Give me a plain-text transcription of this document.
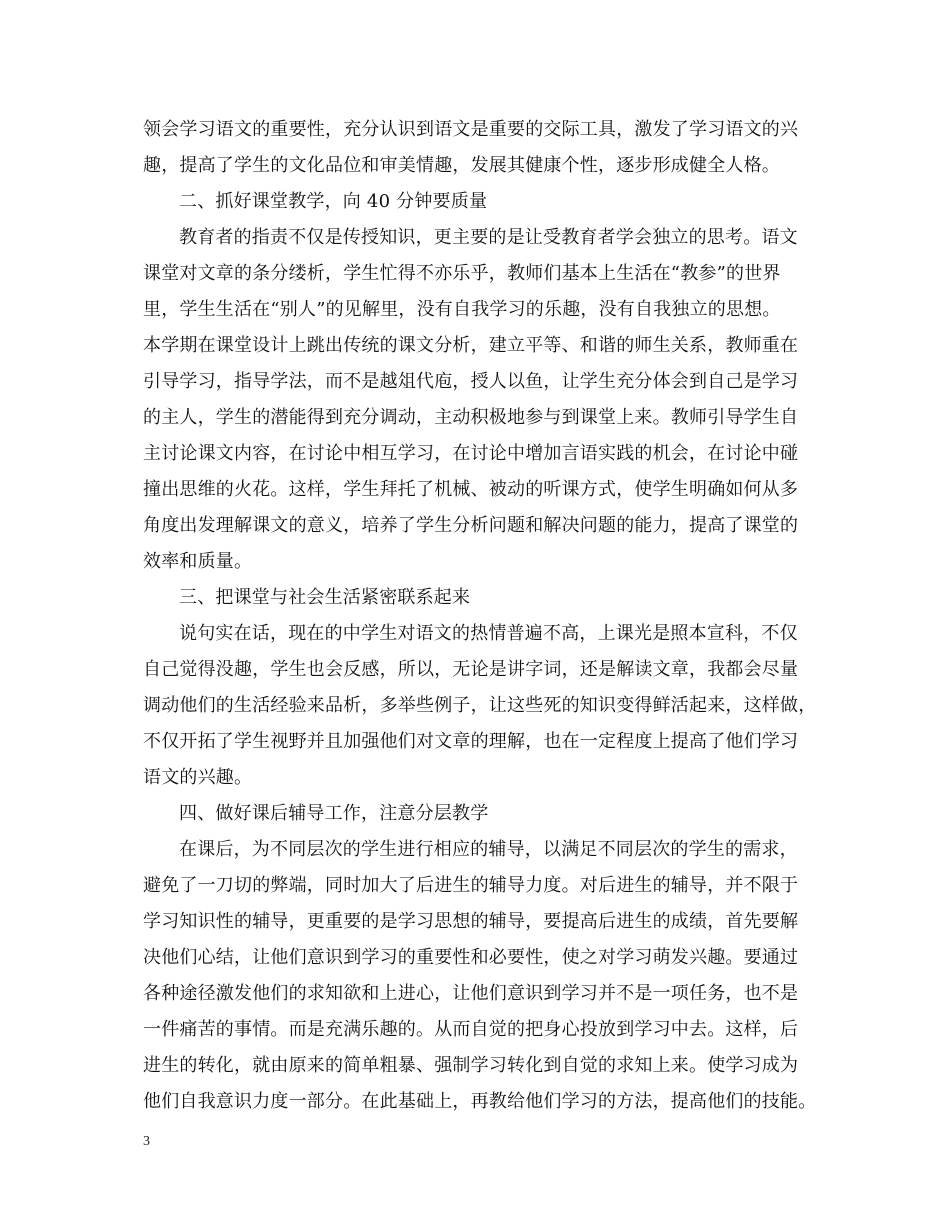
领会学习语文的重要性，充分认识到语文是重要的交际工具，激发了学习语文的兴
趣，提高了学生的文化品位和审美情趣，发展其健康个性，逐步形成健全人格。
二、抓好课堂教学，向 40 分钟要质量
教育者的指责不仅是传授知识，更主要的是让受教育者学会独立的思考。语文
课堂对文章的条分缕析，学生忙得不亦乐乎，教师们基本上生活在“教参”的世界
里，学生生活在“别人”的见解里，没有自我学习的乐趣，没有自我独立的思想。
本学期在课堂设计上跳出传统的课文分析，建立平等、和谐的师生关系，教师重在
引导学习，指导学法，而不是越俎代庖，授人以鱼，让学生充分体会到自己是学习
的主人，学生的潜能得到充分调动，主动积极地参与到课堂上来。教师引导学生自
主讨论课文内容，在讨论中相互学习，在讨论中增加言语实践的机会，在讨论中碰
撞出思维的火花。这样，学生拜托了机械、被动的听课方式，使学生明确如何从多
角度出发理解课文的意义，培养了学生分析问题和解决问题的能力，提高了课堂的
效率和质量。
三、把课堂与社会生活紧密联系起来
说句实在话，现在的中学生对语文的热情普遍不高，上课光是照本宣科，不仅
自己觉得没趣，学生也会反感，所以，无论是讲字词，还是解读文章，我都会尽量
调动他们的生活经验来品析，多举些例子，让这些死的知识变得鲜活起来，这样做，
不仅开拓了学生视野并且加强他们对文章的理解，也在一定程度上提高了他们学习
语文的兴趣。
四、做好课后辅导工作，注意分层教学
在课后，为不同层次的学生进行相应的辅导，以满足不同层次的学生的需求，
避免了一刀切的弊端，同时加大了后进生的辅导力度。对后进生的辅导，并不限于
学习知识性的辅导，更重要的是学习思想的辅导，要提高后进生的成绩，首先要解
决他们心结，让他们意识到学习的重要性和必要性，使之对学习萌发兴趣。要通过
各种途径激发他们的求知欲和上进心，让他们意识到学习并不是一项任务，也不是
一件痛苦的事情。而是充满乐趣的。从而自觉的把身心投放到学习中去。这样，后
进生的转化，就由原来的简单粗暴、强制学习转化到自觉的求知上来。使学习成为
他们自我意识力度一部分。在此基础上，再教给他们学习的方法，提高他们的技能。
3
